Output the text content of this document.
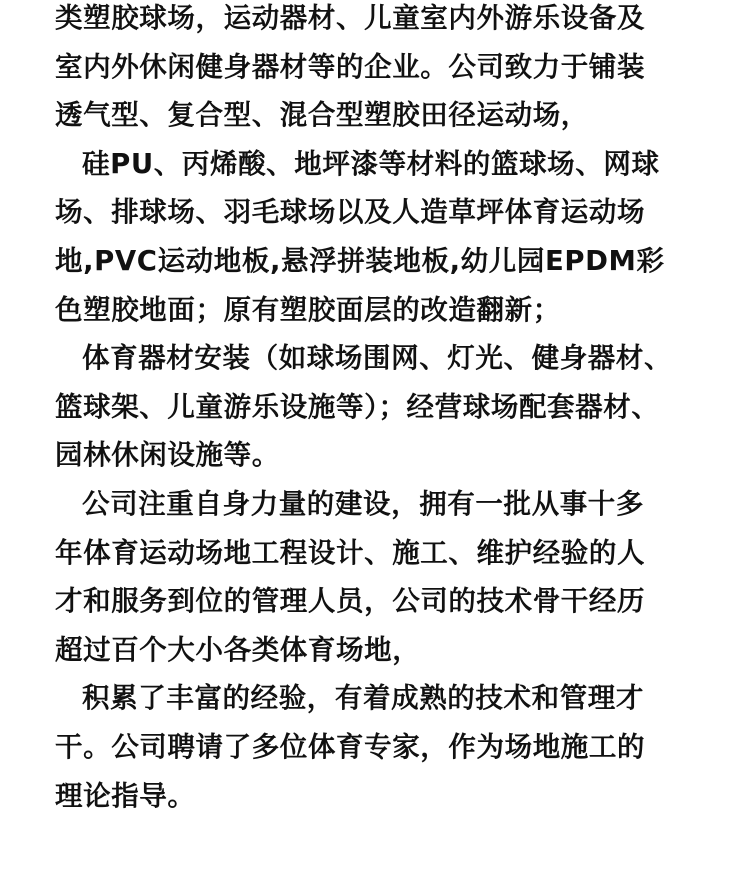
类塑胶球场，运动器材、儿童室内外游乐设备及
室内外休闲健身器材等的企业。公司致力于铺装
透气型、复合型、混合型塑胶田径运动场，
硅PU、丙烯酸、地坪漆等材料的篮球场、网球
场、排球场、羽毛球场以及人造草坪体育运动场
地,PVC运动地板,悬浮拼装地板,幼儿园EPDM彩
色塑胶地面；原有塑胶面层的改造翻新；
体育器材安装（如球场围网、灯光、健身器材、
篮球架、儿童游乐设施等）；经营球场配套器材、
园林休闲设施等。
公司注重自身力量的建设，拥有一批从事十多
年体育运动场地工程设计、施工、维护经验的人
才和服务到位的管理人员，公司的技术骨干经历
超过百个大小各类体育场地，
积累了丰富的经验，有着成熟的技术和管理才
干。公司聘请了多位体育专家，作为场地施工的
理论指导。
